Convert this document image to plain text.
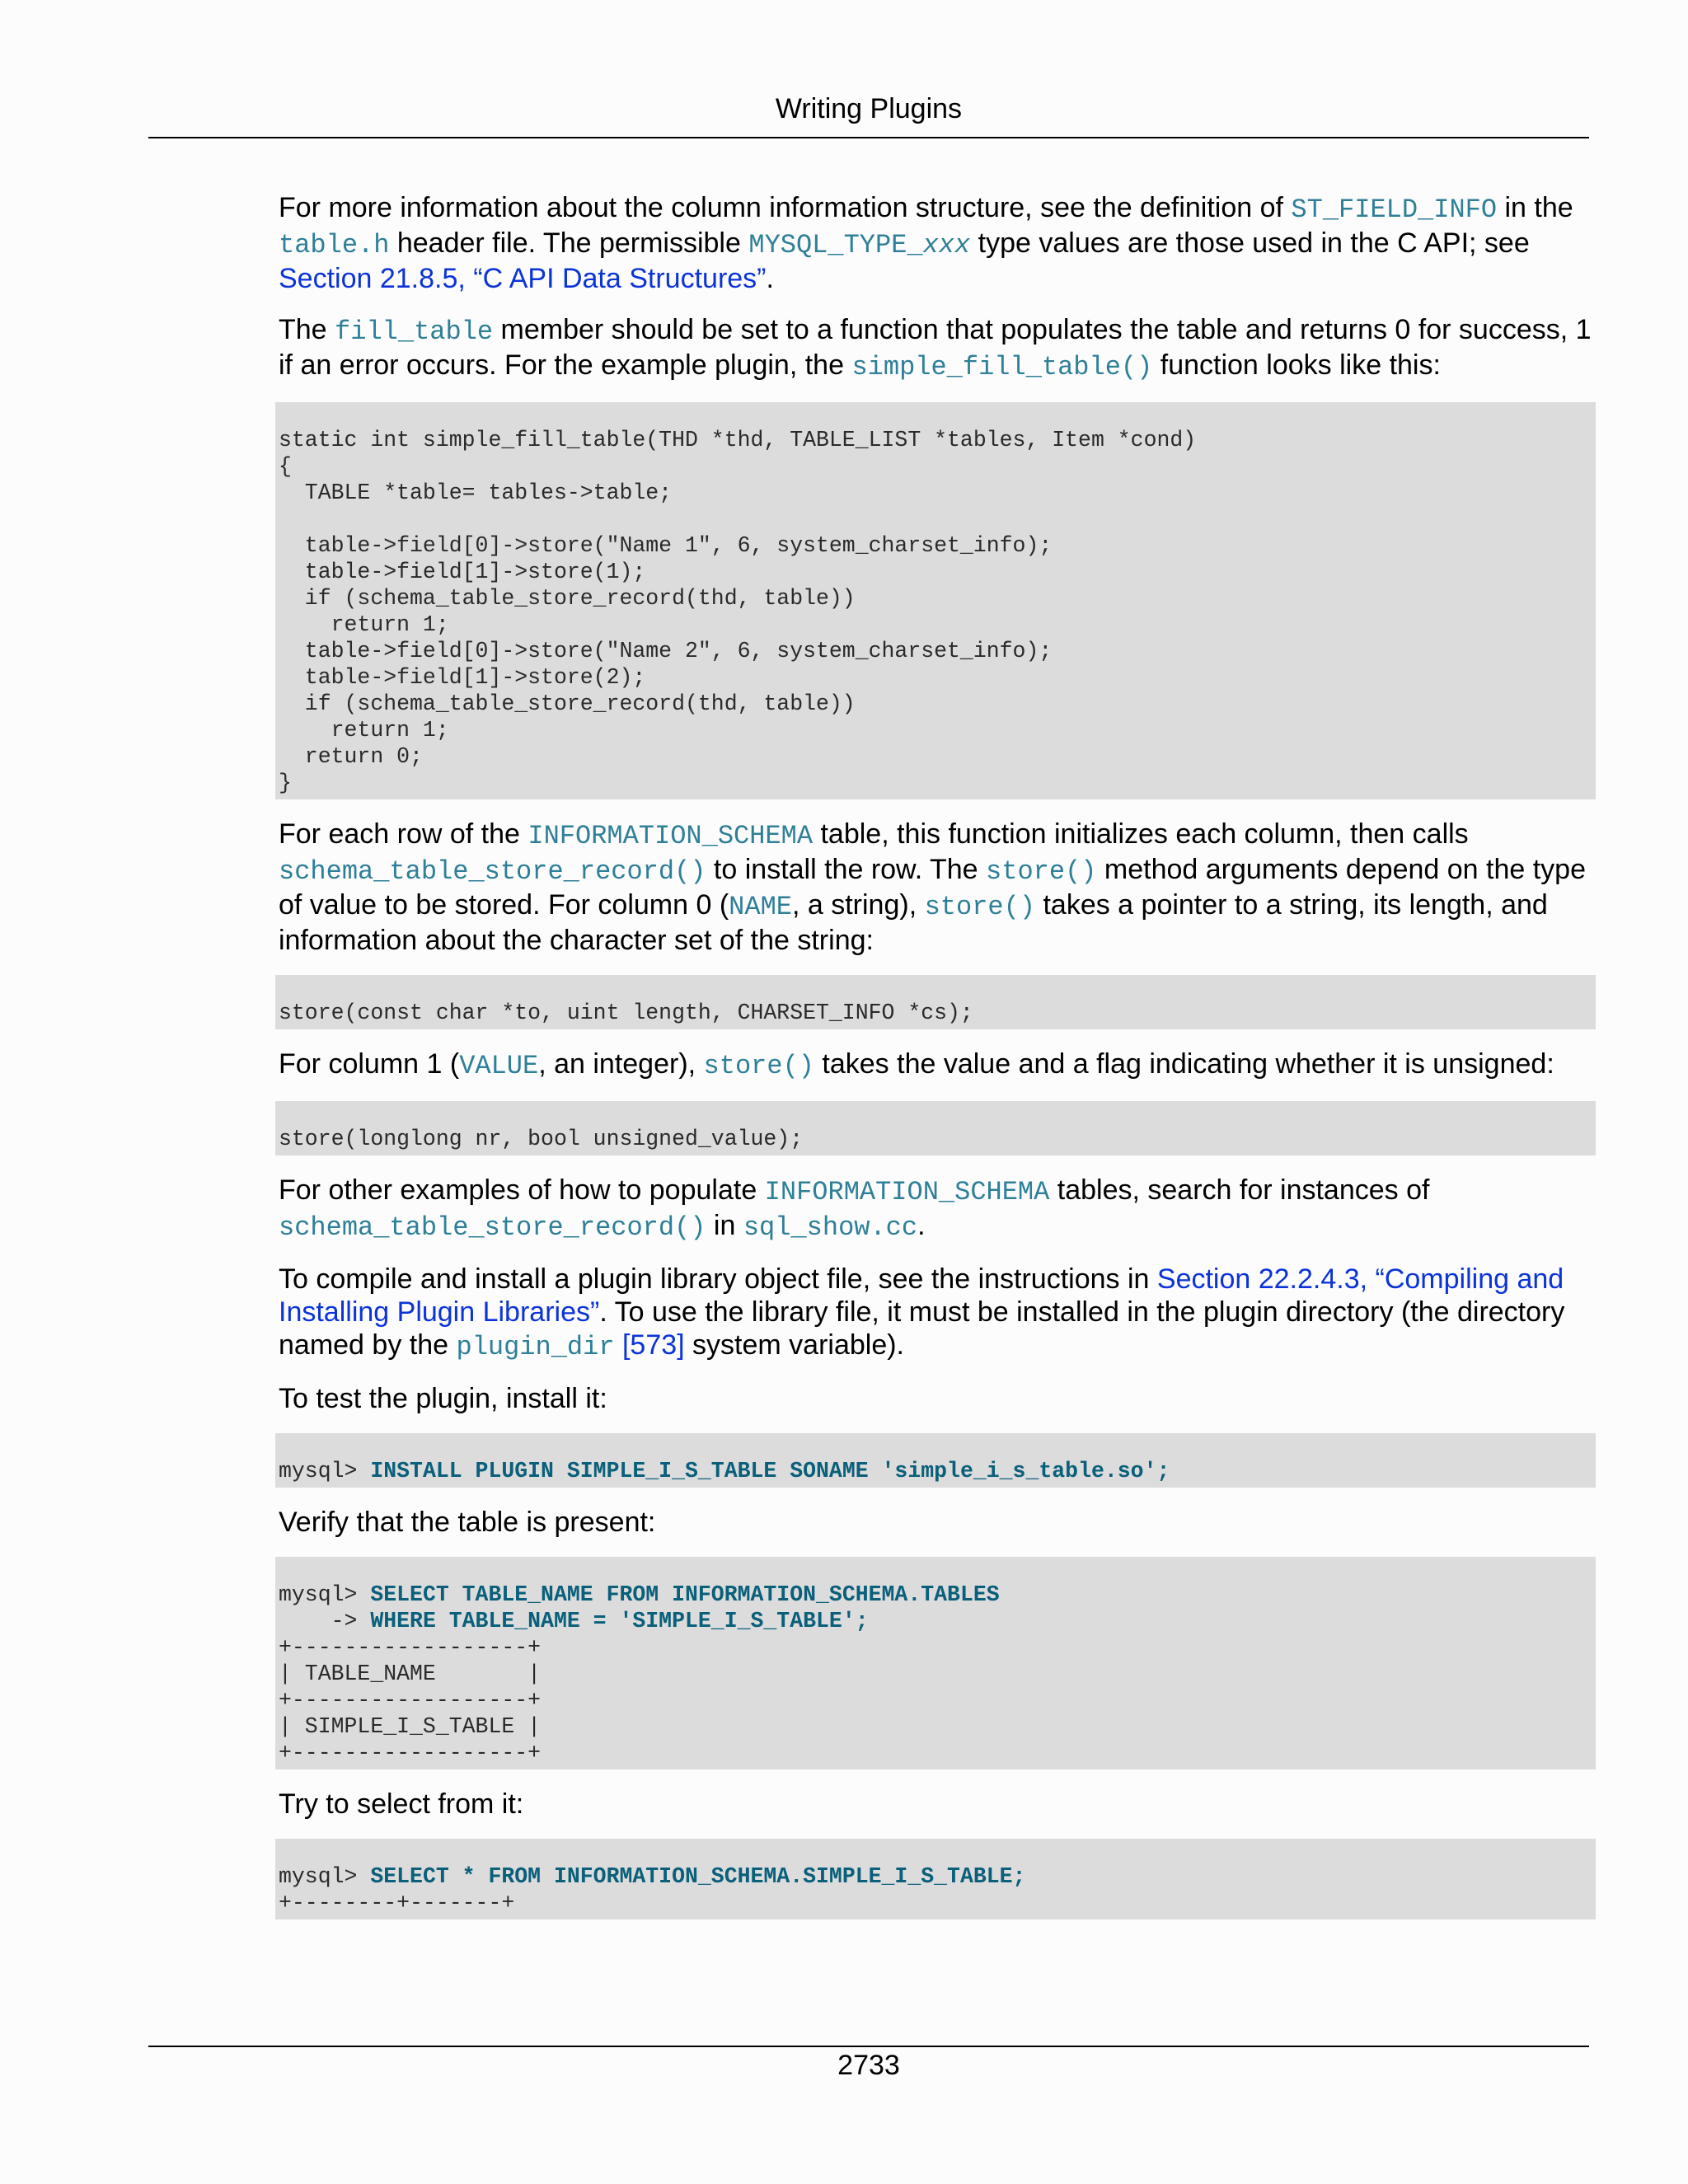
Writing Plugins

For more information about the column information structure, see the definition of ST_FIELD_INFO in the table.h header file. The permissible MYSQL_TYPE_xxx type values are those used in the C API; see Section 21.8.5, “C API Data Structures”.

The fill_table member should be set to a function that populates the table and returns 0 for success, 1 if an error occurs. For the example plugin, the simple_fill_table() function looks like this:

static int simple_fill_table(THD *thd, TABLE_LIST *tables, Item *cond)
{
TABLE *table= tables->table;

table->field[0]->store("Name 1", 6, system_charset_info);
table->field[1]->store(1);
if (schema_table_store_record(thd, table))
return 1;
table->field[0]->store("Name 2", 6, system_charset_info);
table->field[1]->store(2);
if (schema_table_store_record(thd, table))
return 1;
return 0;
}

For each row of the INFORMATION_SCHEMA table, this function initializes each column, then calls schema_table_store_record() to install the row. The store() method arguments depend on the type of value to be stored. For column 0 (NAME, a string), store() takes a pointer to a string, its length, and information about the character set of the string:

store(const char *to, uint length, CHARSET_INFO *cs);

For column 1 (VALUE, an integer), store() takes the value and a flag indicating whether it is unsigned:

store(longlong nr, bool unsigned_value);

For other examples of how to populate INFORMATION_SCHEMA tables, search for instances of schema_table_store_record() in sql_show.cc.

To compile and install a plugin library object file, see the instructions in Section 22.2.4.3, “Compiling and Installing Plugin Libraries”. To use the library file, it must be installed in the plugin directory (the directory named by the plugin_dir [573] system variable).

To test the plugin, install it:

mysql> INSTALL PLUGIN SIMPLE_I_S_TABLE SONAME 'simple_i_s_table.so';

Verify that the table is present:

mysql> SELECT TABLE_NAME FROM INFORMATION_SCHEMA.TABLES
-> WHERE TABLE_NAME = 'SIMPLE_I_S_TABLE';
+------------------+
| TABLE_NAME       |
+------------------+
| SIMPLE_I_S_TABLE |
+------------------+

Try to select from it:

mysql> SELECT * FROM INFORMATION_SCHEMA.SIMPLE_I_S_TABLE;
+--------+-------+
2733
